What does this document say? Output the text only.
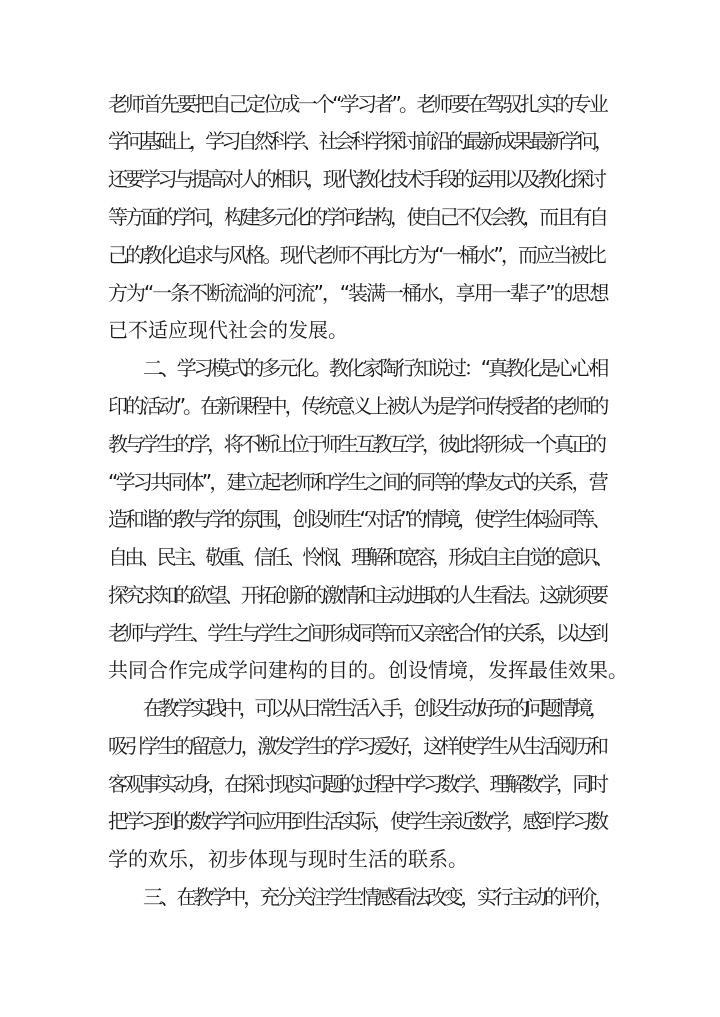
老师首先要把自己定位成一个“学习者”。老师要在驾驭扎实的专业
学问基础上，学习自然科学、社会科学探讨前沿的最新成果最新学问，
还要学习与提高对人的相识，现代教化技术手段的运用以及教化探讨
等方面的学问，构建多元化的学问结构，使自己不仅会教，而且有自
己的教化追求与风格。现代老师不再比方为“一桶水”，而应当被比
方为“一条不断流淌的河流”，“装满一桶水，享用一辈子”的思想
已不适应现代社会的发展。
二、学习模式的多元化。教化家陶行知说过：“真教化是心心相
印的活动”。在新课程中，传统意义上被认为是学问传授者的老师的
教与学生的学，将不断让位于师生互教互学，彼此将形成一个真正的
“学习共同体”，建立起老师和学生之间的同等的挚友式的关系，营
造和谐的教与学的氛围，创设师生“对话”的情境，使学生体验同等、
自由、民主、敬重、信任、怜悯、理解和宽容，形成自主自觉的意识、
探究求知的欲望、开拓创新的激情和主动进取的人生看法。这就须要
老师与学生、学生与学生之间形成同等而又亲密合作的关系，以达到
共同合作完成学问建构的目的。创设情境，发挥最佳效果。
在教学实践中，可以从日常生活入手，创设生动好玩的问题情境，
吸引学生的留意力，激发学生的学习爱好，这样使学生从生活阅历和
客观事实动身，在探讨现实问题的过程中学习数学、理解数学，同时
把学习到的数学学问应用到生活实际，使学生亲近数学，感到学习数
学的欢乐，初步体现与现时生活的联系。
三、在教学中，充分关注学生情感看法改变，实行主动的评价，
